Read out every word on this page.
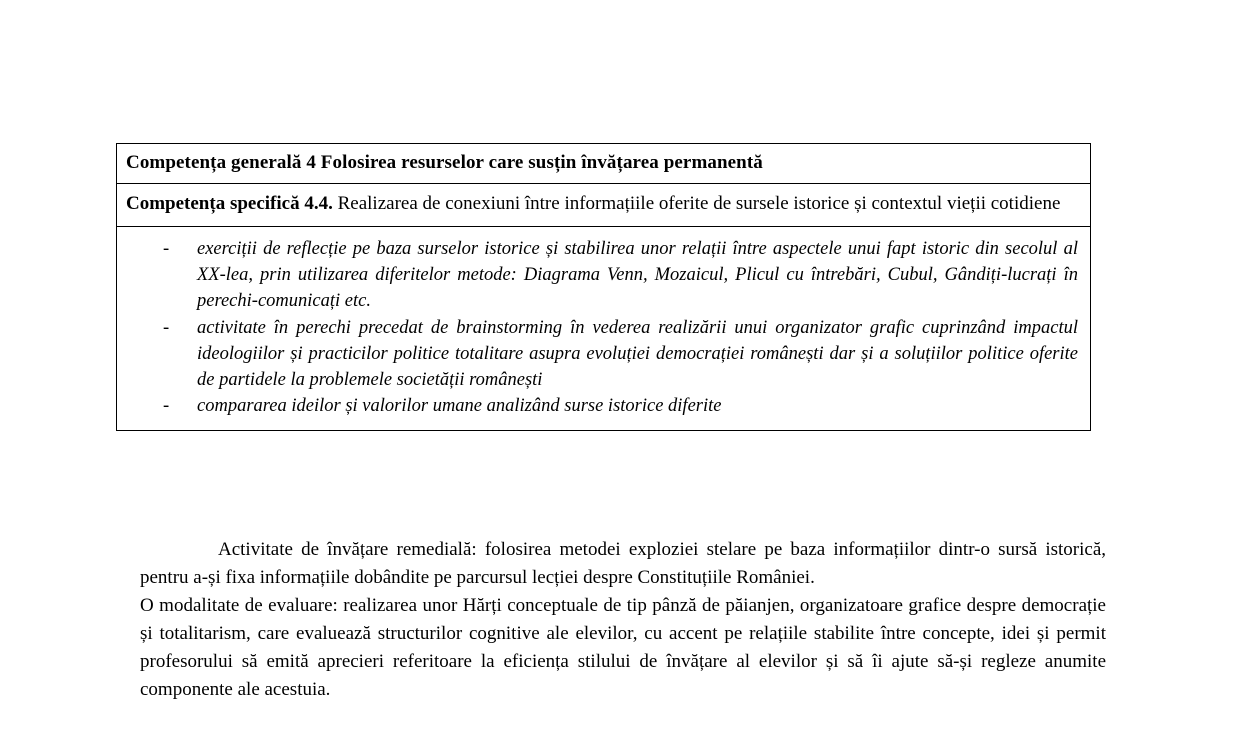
Competența generală 4 Folosirea resurselor care susțin învățarea permanentă
Competența specifică 4.4. Realizarea de conexiuni între informațiile oferite de sursele istorice și contextul vieții cotidiene
-	exerciții de reflecție pe baza surselor istorice și stabilirea unor relații între aspectele unui fapt istoric din secolul al XX-lea, prin utilizarea diferitelor metode: Diagrama Venn, Mozaicul, Plicul cu întrebări, Cubul, Gândiți-lucrați în perechi-comunicați etc.
-	activitate în perechi precedat de brainstorming în vederea realizării unui organizator grafic cuprinzând impactul ideologiilor și practicilor politice totalitare asupra evoluției democrației românești dar și a soluțiilor politice oferite de partidele la problemele societății românești
-	compararea ideilor și valorilor umane analizând surse istorice diferite

Activitate de învățare remedială: folosirea metodei exploziei stelare pe baza informațiilor dintr-o sursă istorică, pentru a-și fixa informațiile dobândite pe parcursul lecției despre Constituțiile României.

O modalitate de evaluare: realizarea unor Hărți conceptuale de tip pânză de păianjen, organizatoare grafice despre democrație și totalitarism, care evaluează structurilor cognitive ale elevilor, cu accent pe relațiile stabilite între concepte, idei și permit profesorului să emită aprecieri referitoare la eficiența stilului de învățare al elevilor și să îi ajute să-și regleze anumite componente ale acestuia.
